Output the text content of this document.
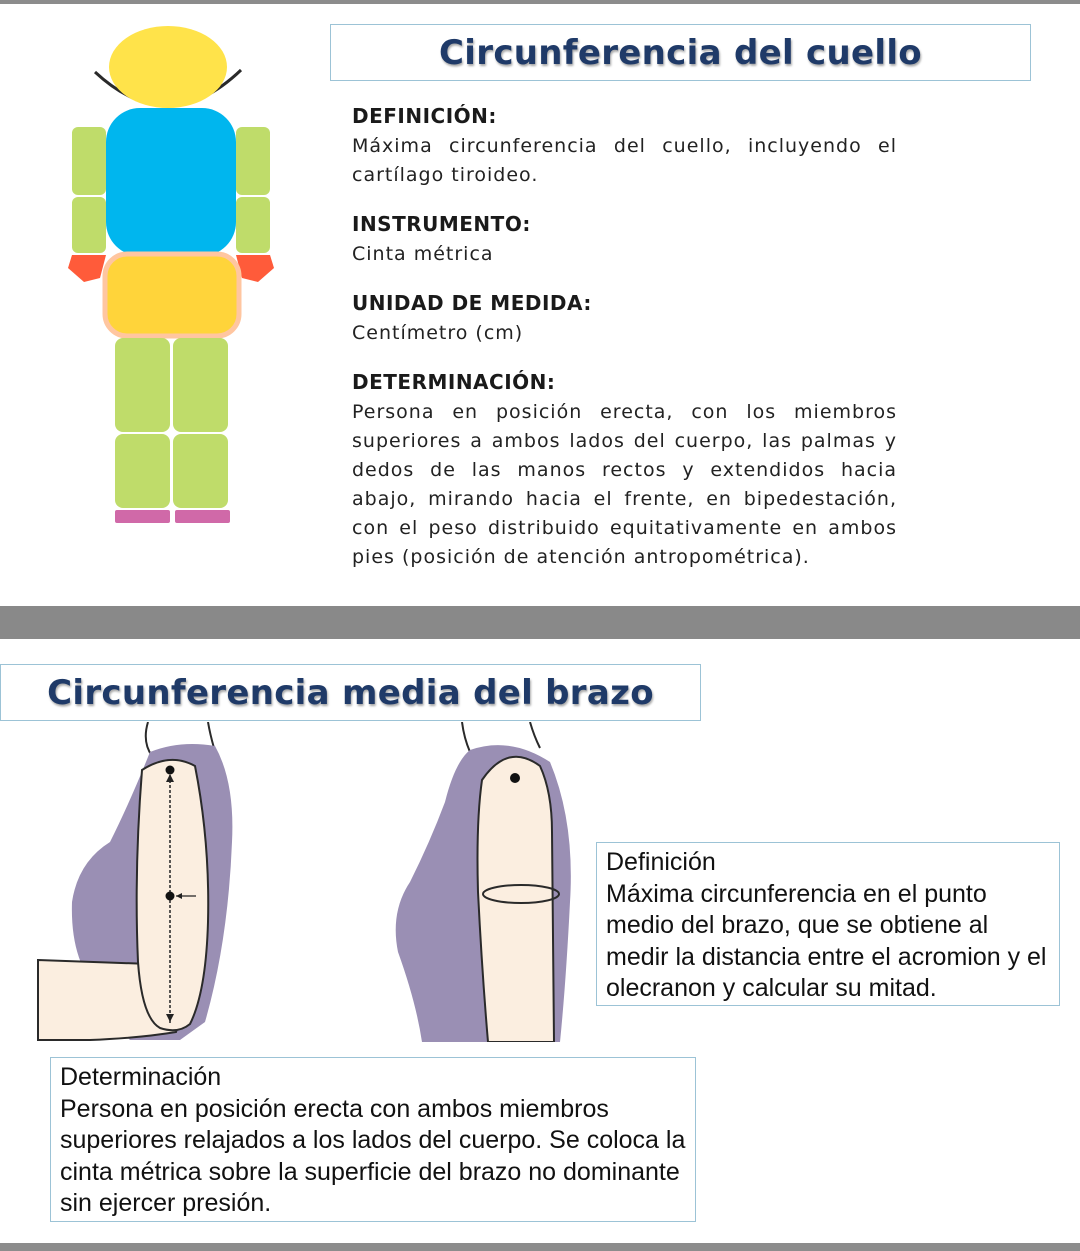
Circunferencia del cuello
DEFINICIÓN:
Máxima circunferencia del cuello, incluyendo el cartílago tiroideo.
INSTRUMENTO:
Cinta métrica
UNIDAD DE MEDIDA:
Centímetro (cm)
DETERMINACIÓN:
Persona en posición erecta, con los miembros superiores a ambos lados del cuerpo, las palmas y dedos de las manos rectos y extendidos hacia abajo, mirando hacia el frente, en bipedestación, con el peso distribuido equitativamente en ambos pies (posición de atención antropométrica).
Circunferencia media del brazo
Definición
Máxima circunferencia en el punto medio del brazo, que se obtiene al medir la distancia entre el acromion y el olecranon y calcular su mitad.
Determinación
Persona en posición erecta con ambos miembros superiores relajados a los lados del cuerpo. Se coloca la cinta métrica sobre la superficie del brazo no dominante sin ejercer presión.
